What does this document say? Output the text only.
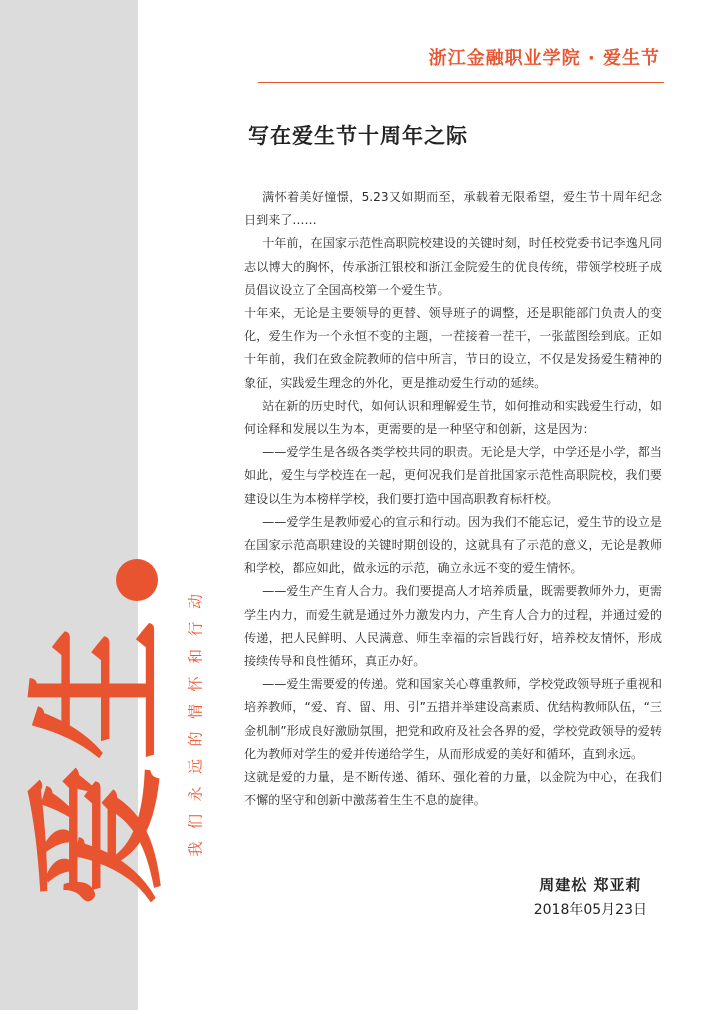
浙江金融职业学院 · 爱生节
写在爱生节十周年之际

满怀着美好憧憬，5.23又如期而至，承载着无限希望，爱生节十周年纪念日到来了……

十年前，在国家示范性高职院校建设的关键时刻，时任校党委书记李逸凡同志以博大的胸怀，传承浙江银校和浙江金院爱生的优良传统，带领学校班子成员倡议设立了全国高校第一个爱生节。

十年来，无论是主要领导的更替、领导班子的调整，还是职能部门负责人的变化，爱生作为一个永恒不变的主题，一茬接着一茬干，一张蓝图绘到底。正如十年前，我们在致金院教师的信中所言，节日的设立，不仅是发扬爱生精神的象征，实践爱生理念的外化，更是推动爱生行动的延续。

站在新的历史时代，如何认识和理解爱生节，如何推动和实践爱生行动，如何诠释和发展以生为本，更需要的是一种坚守和创新，这是因为：

——爱学生是各级各类学校共同的职责。无论是大学，中学还是小学，都当如此，爱生与学校连在一起，更何况我们是首批国家示范性高职院校，我们要建设以生为本榜样学校，我们要打造中国高职教育标杆校。

——爱学生是教师爱心的宣示和行动。因为我们不能忘记，爱生节的设立是在国家示范高职建设的关键时期创设的，这就具有了示范的意义，无论是教师和学校，都应如此，做永远的示范，确立永远不变的爱生情怀。

——爱生产生育人合力。我们要提高人才培养质量，既需要教师外力，更需学生内力，而爱生就是通过外力激发内力，产生育人合力的过程，并通过爱的传递，把人民鲜明、人民满意、师生幸福的宗旨践行好，培养校友情怀，形成接续传导和良性循环，真正办好。

——爱生需要爱的传递。党和国家关心尊重教师，学校党政领导班子重视和培养教师，“爱、育、留、用、引”五措并举建设高素质、优结构教师队伍，“三金机制”形成良好激励氛围，把党和政府及社会各界的爱，学校党政领导的爱转化为教师对学生的爱并传递给学生，从而形成爱的美好和循环，直到永远。

这就是爱的力量，是不断传递、循环、强化着的力量，以金院为中心，在我们不懈的坚守和创新中激荡着生生不息的旋律。

生
爱 我们永远的情怀和行动
周建松 郑亚莉
2018年05月23日
